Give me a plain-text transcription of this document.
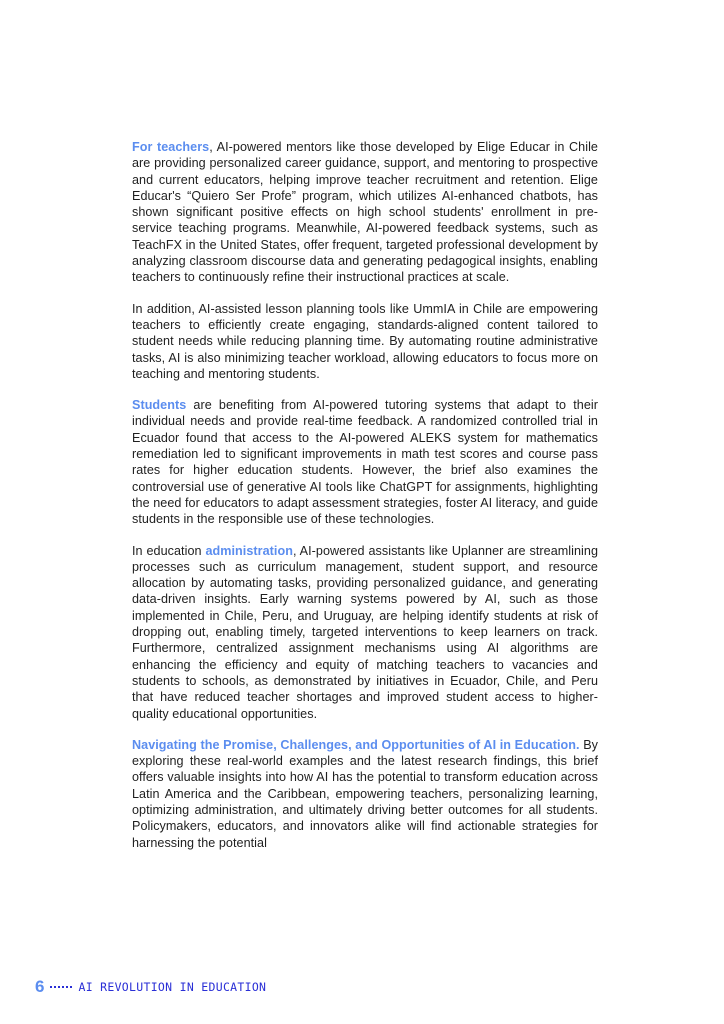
For teachers, AI-powered mentors like those developed by Elige Educar in Chile are providing personalized career guidance, support, and mentoring to prospective and current educators, helping improve teacher recruitment and retention. Elige Educar's “Quiero Ser Profe” program, which utilizes AI-enhanced chatbots, has shown significant positive effects on high school students' enrollment in pre-service teaching programs. Meanwhile, AI-powered feedback systems, such as TeachFX in the United States, offer frequent, targeted professional development by analyzing classroom discourse data and generating pedagogical insights, enabling teachers to continuously refine their instructional practices at scale.

In addition, AI-assisted lesson planning tools like UmmIA in Chile are empowering teachers to efficiently create engaging, standards-aligned content tailored to student needs while reducing planning time. By automating routine administrative tasks, AI is also minimizing teacher workload, allowing educators to focus more on teaching and mentoring students.

Students are benefiting from AI-powered tutoring systems that adapt to their individual needs and provide real-time feedback. A randomized controlled trial in Ecuador found that access to the AI-powered ALEKS system for mathematics remediation led to significant improvements in math test scores and course pass rates for higher education students. However, the brief also examines the controversial use of generative AI tools like ChatGPT for assignments, highlighting the need for educators to adapt assessment strategies, foster AI literacy, and guide students in the responsible use of these technologies.

In education administration, AI-powered assistants like Uplanner are streamlining processes such as curriculum management, student support, and resource allocation by automating tasks, providing personalized guidance, and generating data-driven insights. Early warning systems powered by AI, such as those implemented in Chile, Peru, and Uruguay, are helping identify students at risk of dropping out, enabling timely, targeted interventions to keep learners on track. Furthermore, centralized assignment mechanisms using AI algorithms are enhancing the efficiency and equity of matching teachers to vacancies and students to schools, as demonstrated by initiatives in Ecuador, Chile, and Peru that have reduced teacher shortages and improved student access to higher-quality educational opportunities.

Navigating the Promise, Challenges, and Opportunities of AI in Education. By exploring these real-world examples and the latest research findings, this brief offers valuable insights into how AI has the potential to transform education across Latin America and the Caribbean, empowering teachers, personalizing learning, optimizing administration, and ultimately driving better outcomes for all students. Policymakers, educators, and innovators alike will find actionable strategies for harnessing the potential

6	AI REVOLUTION IN EDUCATION
